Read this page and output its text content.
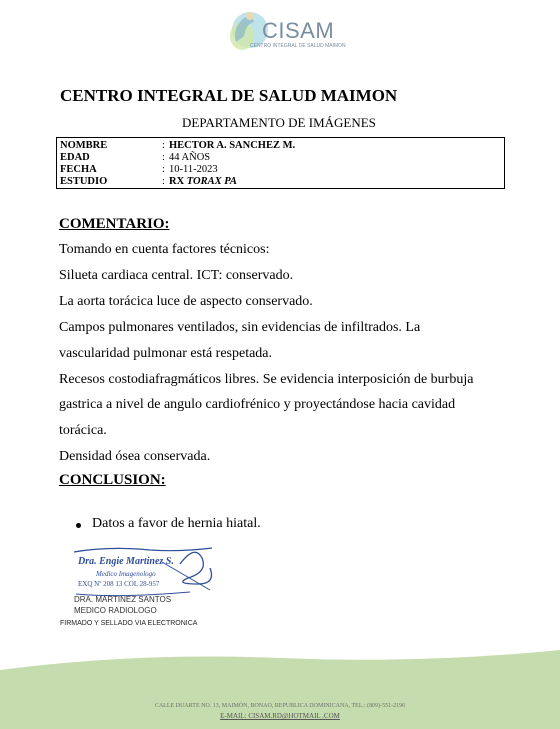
CISAM
CENTRO INTEGRAL DE SALUD MAIMON
CENTRO INTEGRAL DE SALUD MAIMON
DEPARTAMENTO DE IMÁGENES
NOMBRE	: HECTOR A. SANCHEZ M.
EDAD	: 44 AÑOS
FECHA	: 10-11-2023
ESTUDIO	: RX TORAX PA
COMENTARIO:
Tomando en cuenta factores técnicos:
Silueta cardiaca central. ICT: conservado.
La aorta torácica luce de aspecto conservado.
Campos pulmonares ventilados, sin evidencias de infiltrados. La
vascularidad pulmonar está respetada.
Recesos costodiafragmáticos libres. Se evidencia interposición de burbuja
gastrica a nivel de angulo cardiofrénico y proyectándose hacia cavidad
torácica.
Densidad ósea conservada.
CONCLUSION:
Datos a favor de hernia hiatal.
Dra. Engie Martinez S.
Medico Imagenologo
EXQ Nº 208 13 COL 28-957
DRA. MARTINEZ SANTOS
MEDICO RADIOLOGO
FIRMADO Y SELLADO VIA ELECTRONICA
CALLE DUARTE NO. 13, MAIMÓN, BONAO, REPUBLICA DOMINICANA, TEL.: (809)-551-2196
E-MAIL: CISAM.RD@HOTMAIL .COM
